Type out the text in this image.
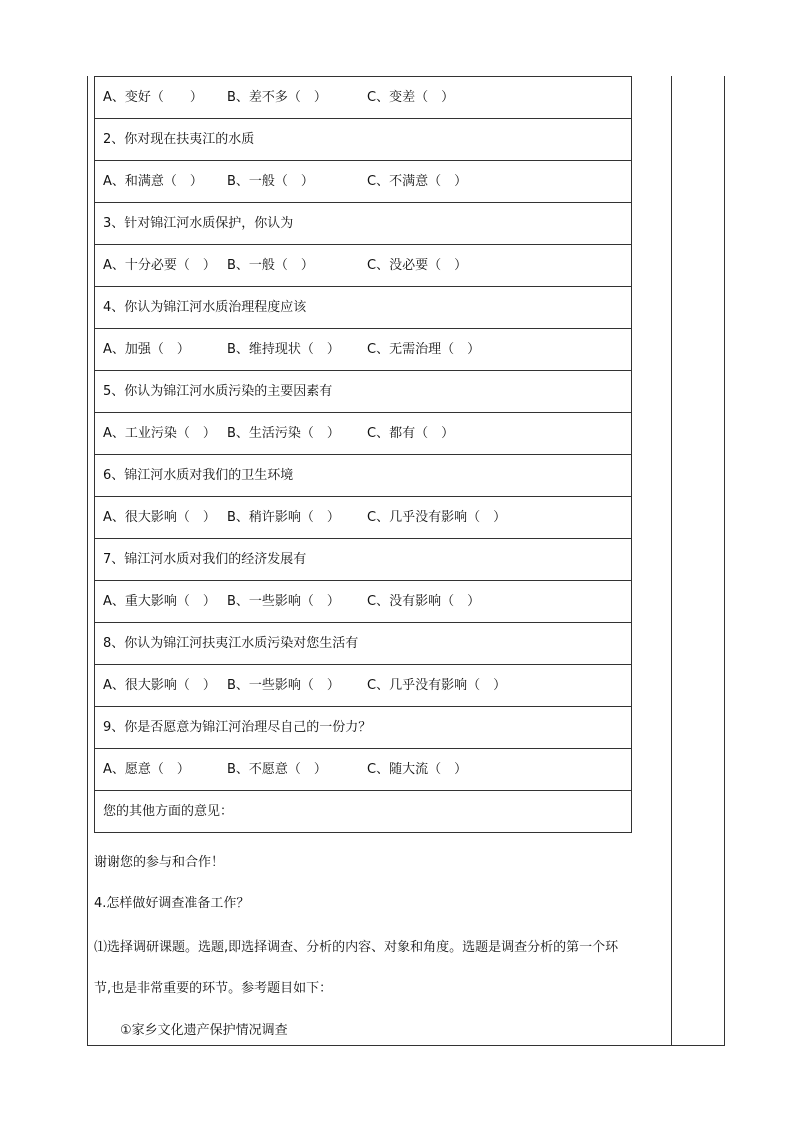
A、变好（　　） B、差不多（　）	C、变差（　）
2、你对现在扶夷江的水质
A、和满意（　） B、一般（　）	C、不满意（　）
3、针对锦江河水质保护，你认为
A、十分必要（　） B、一般（　）	C、没必要（　）
4、你认为锦江河水质治理程度应该
A、加强（　）	B、维持现状（　） C、无需治理（　）
5、你认为锦江河水质污染的主要因素有
A、工业污染（　） B、生活污染（　） C、都有（　）
6、锦江河水质对我们的卫生环境
A、很大影响（　） B、稍许影响（　） C、几乎没有影响（　）
7、锦江河水质对我们的经济发展有
A、重大影响（　） B、一些影响（　） C、没有影响（　）
8、你认为锦江河扶夷江水质污染对您生活有
A、很大影响（　） B、一些影响（　） C、几乎没有影响（　）
9、你是否愿意为锦江河治理尽自己的一份力？
A、愿意（　）	B、不愿意（　）	C、随大流（　）
您的其他方面的意见：
谢谢您的参与和合作！
4.怎样做好调查准备工作？
⑴选择调研课题。选题,即选择调查、分析的内容、对象和角度。选题是调查分析的第一个环
节,也是非常重要的环节。参考题目如下：
①家乡文化遗产保护情况调查
